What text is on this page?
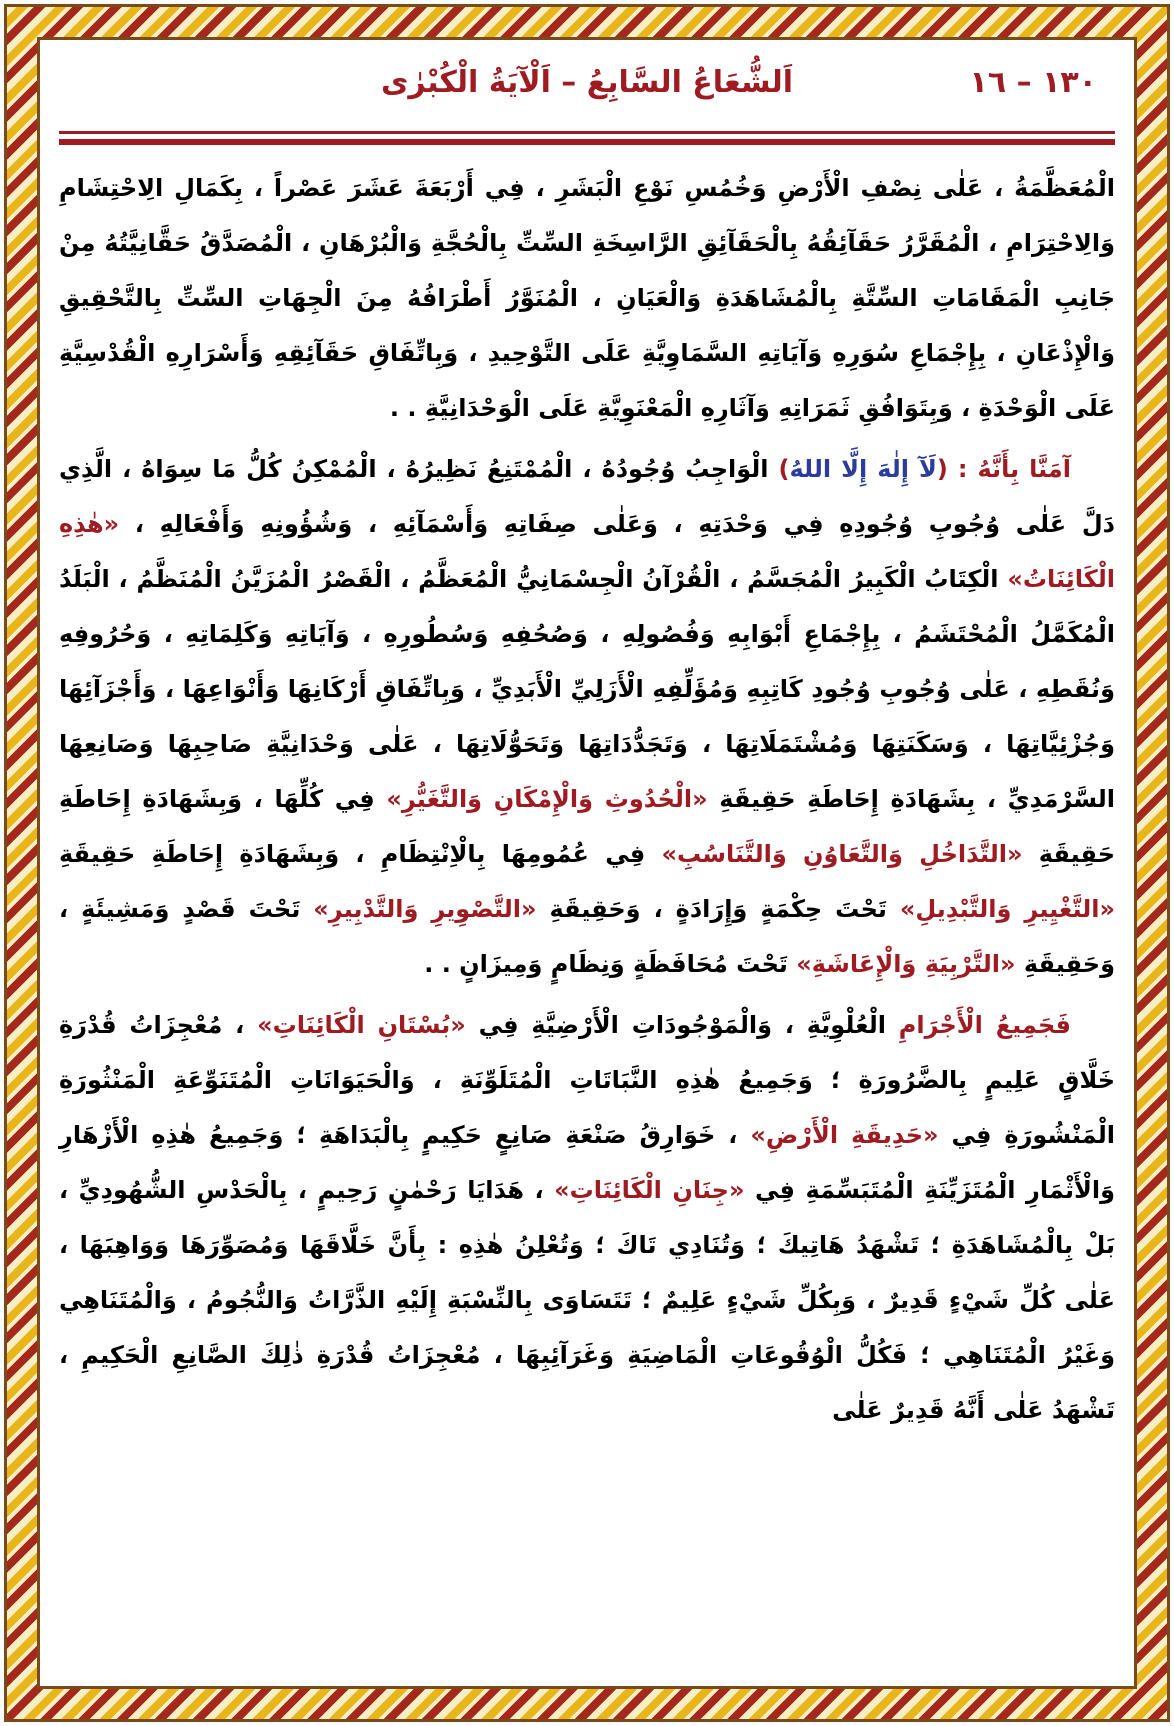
١٣٠ – ١٦
اَلشُّعَاعُ السَّابِعُ – اَلْآيَةُ الْكُبْرٰى

الْمُعَظَّمَةُ ، عَلٰى نِصْفِ الْأَرْضِ وَخُمُسِ نَوْعِ الْبَشَرِ ، فِي أَرْبَعَةَ عَشَرَ عَصْراً ، بِكَمَالِ الِاحْتِشَامِ وَالِاحْتِرَامِ ، الْمُقَرَّرُ حَقَآئِقُهُ بِالْحَقَآئِقِ الرَّاسِخَةِ السِّتِّ بِالْحُجَّةِ وَالْبُرْهَانِ ، الْمُصَدَّقُ حَقَّانِيَّتُهُ مِنْ جَانِبِ الْمَقَامَاتِ السِّتَّةِ بِالْمُشَاهَدَةِ وَالْعَيَانِ ، الْمُنَوَّرُ أَطْرَافُهُ مِنَ الْجِهَاتِ السِّتِّ بِالتَّحْقِيقِ وَالْإِذْعَانِ ، بِإِجْمَاعِ سُوَرِهِ وَآيَاتِهِ السَّمَاوِيَّةِ عَلَى التَّوْحِيدِ ، وَبِاتِّفَاقِ حَقَآئِقِهِ وَأَسْرَارِهِ الْقُدْسِيَّةِ عَلَى الْوَحْدَةِ ، وَبِتَوَافُقِ ثَمَرَاتِهِ وَآثَارِهِ الْمَعْنَوِيَّةِ عَلَى الْوَحْدَانِيَّةِ . .

آمَنَّا بِأَنَّهُ : (لَآ إِلٰهَ إِلَّا اللهُ) الْوَاجِبُ وُجُودُهُ ، الْمُمْتَنِعُ نَظِيرُهُ ، الْمُمْكِنُ كُلُّ مَا سِوَاهُ ، الَّذِي دَلَّ عَلٰى وُجُوبِ وُجُودِهِ فِي وَحْدَتِهِ ، وَعَلٰى صِفَاتِهِ وَأَسْمَآئِهِ ، وَشُؤُونِهِ وَأَفْعَالِهِ ، «هٰذِهِ الْكَائِنَاتُ» الْكِتَابُ الْكَبِيرُ الْمُجَسَّمُ ، الْقُرْآنُ الْجِسْمَانِيُّ الْمُعَظَّمُ ، الْقَصْرُ الْمُزَيَّنُ الْمُنَظَّمُ ، الْبَلَدُ الْمُكَمَّلُ الْمُحْتَشَمُ ، بِإِجْمَاعِ أَبْوَابِهِ وَفُصُولِهِ ، وَصُحُفِهِ وَسُطُورِهِ ، وَآيَاتِهِ وَكَلِمَاتِهِ ، وَحُرُوفِهِ وَنُقَطِهِ ، عَلٰى وُجُوبِ وُجُودِ كَاتِبِهِ وَمُؤَلِّفِهِ الْأَزَلِيِّ الْأَبَدِيِّ ، وَبِاتِّفَاقِ أَرْكَانِهَا وَأَنْوَاعِهَا ، وَأَجْزَآئِهَا وَجُزْئِيَّاتِهَا ، وَسَكَنَتِهَا وَمُشْتَمَلَاتِهَا ، وَتَجَدُّدَاتِهَا وَتَحَوُّلَاتِهَا ، عَلٰى وَحْدَانِيَّةِ صَاحِبِهَا وَصَانِعِهَا السَّرْمَدِيِّ ، بِشَهَادَةِ إِحَاطَةِ حَقِيقَةِ «الْحُدُوثِ وَالْإِمْكَانِ وَالتَّغَيُّرِ» فِي كُلِّهَا ، وَبِشَهَادَةِ إِحَاطَةِ حَقِيقَةِ «التَّدَاخُلِ وَالتَّعَاوُنِ وَالتَّنَاسُبِ» فِي عُمُومِهَا بِالْاِنْتِظَامِ ، وَبِشَهَادَةِ إِحَاطَةِ حَقِيقَةِ «التَّغْيِيرِ وَالتَّبْدِيلِ» تَحْتَ حِكْمَةٍ وَإِرَادَةٍ ، وَحَقِيقَةِ «التَّصْوِيرِ وَالتَّدْبِيرِ» تَحْتَ قَصْدٍ وَمَشِيئَةٍ ، وَحَقِيقَةِ «التَّرْبِيَةِ وَالْإِعَاشَةِ» تَحْتَ مُحَافَظَةٍ وَنِظَامٍ وَمِيزَانٍ . .

فَجَمِيعُ الْأَجْرَامِ الْعُلْوِيَّةِ ، وَالْمَوْجُودَاتِ الْأَرْضِيَّةِ فِي «بُسْتَانِ الْكَائِنَاتِ» ، مُعْجِزَاتُ قُدْرَةِ خَلَّاقٍ عَلِيمٍ بِالضَّرُورَةِ ؛ وَجَمِيعُ هٰذِهِ النَّبَاتَاتِ الْمُتَلَوِّنَةِ ، وَالْحَيَوَانَاتِ الْمُتَنَوِّعَةِ الْمَنْثُورَةِ الْمَنْشُورَةِ فِي «حَدِيقَةِ الْأَرْضِ» ، خَوَارِقُ صَنْعَةِ صَانِعٍ حَكِيمٍ بِالْبَدَاهَةِ ؛ وَجَمِيعُ هٰذِهِ الْأَزْهَارِ وَالْأَثْمَارِ الْمُتَزَيِّنَةِ الْمُتَبَسِّمَةِ فِي «جِنَانِ الْكَائِنَاتِ» ، هَدَايَا رَحْمٰنٍ رَحِيمٍ ، بِالْحَدْسِ الشُّهُودِيِّ ، بَلْ بِالْمُشَاهَدَةِ ؛ تَشْهَدُ هَاتِيكَ ؛ وَتُنَادِي تَاكَ ؛ وَتُعْلِنُ هٰذِهِ : بِأَنَّ خَلَّاقَهَا وَمُصَوِّرَهَا وَوَاهِبَهَا ، عَلٰى كُلِّ شَيْءٍ قَدِيرٌ ، وَبِكُلِّ شَيْءٍ عَلِيمٌ ؛ تَتَسَاوَى بِالنِّسْبَةِ إِلَيْهِ الذَّرَّاتُ وَالنُّجُومُ ، وَالْمُتَنَاهِي وَغَيْرُ الْمُتَنَاهِي ؛ فَكُلُّ الْوُقُوعَاتِ الْمَاضِيَةِ وَغَرَآئِبِهَا ، مُعْجِزَاتُ قُدْرَةِ ذٰلِكَ الصَّانِعِ الْحَكِيمِ ، تَشْهَدُ عَلٰى أَنَّهُ قَدِيرٌ عَلٰى
